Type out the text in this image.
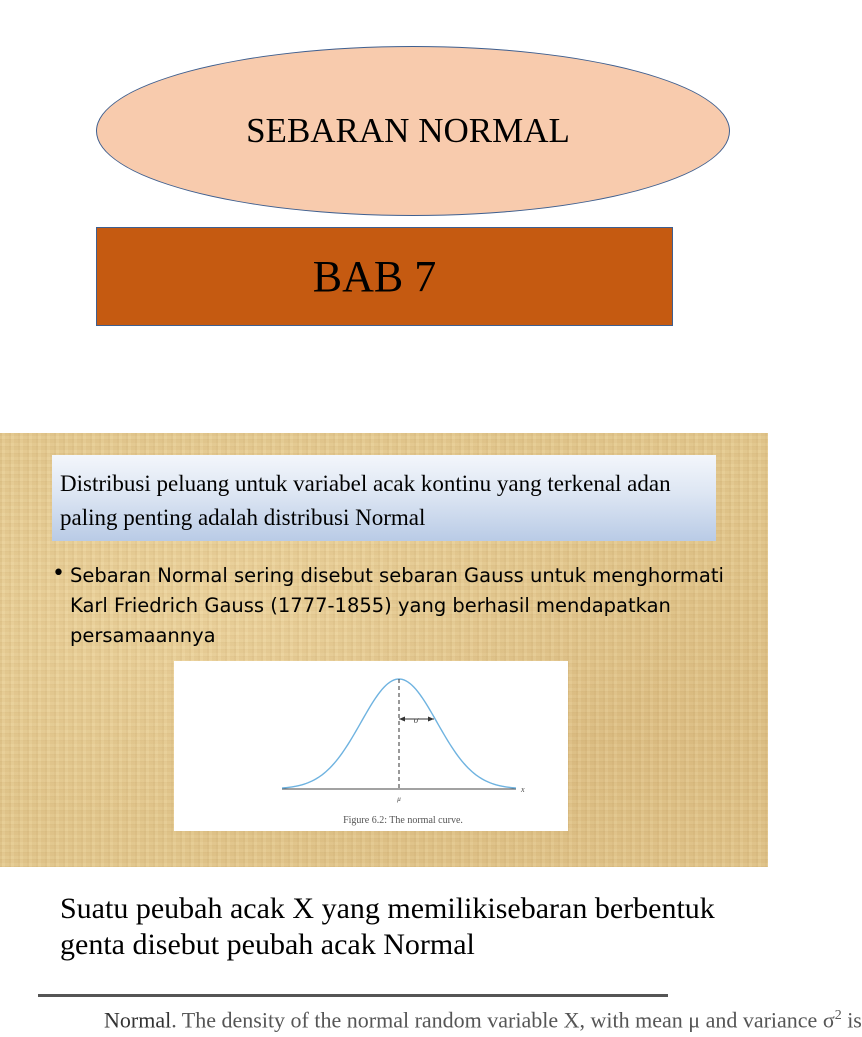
SEBARAN NORMAL
BAB 7
Distribusi peluang untuk variabel acak kontinu yang terkenal adan paling penting adalah distribusi Normal
• Sebaran Normal sering disebut sebaran Gauss untuk menghormati Karl Friedrich Gauss (1777-1855) yang berhasil mendapatkan persamaannya
σ
μ
x
Figure 6.2: The normal curve.
Suatu peubah acak X yang memilikisebaran berbentuk genta disebut peubah acak Normal
Normal. The density of the normal random variable X, with mean μ and variance $\sigma^2$ is
